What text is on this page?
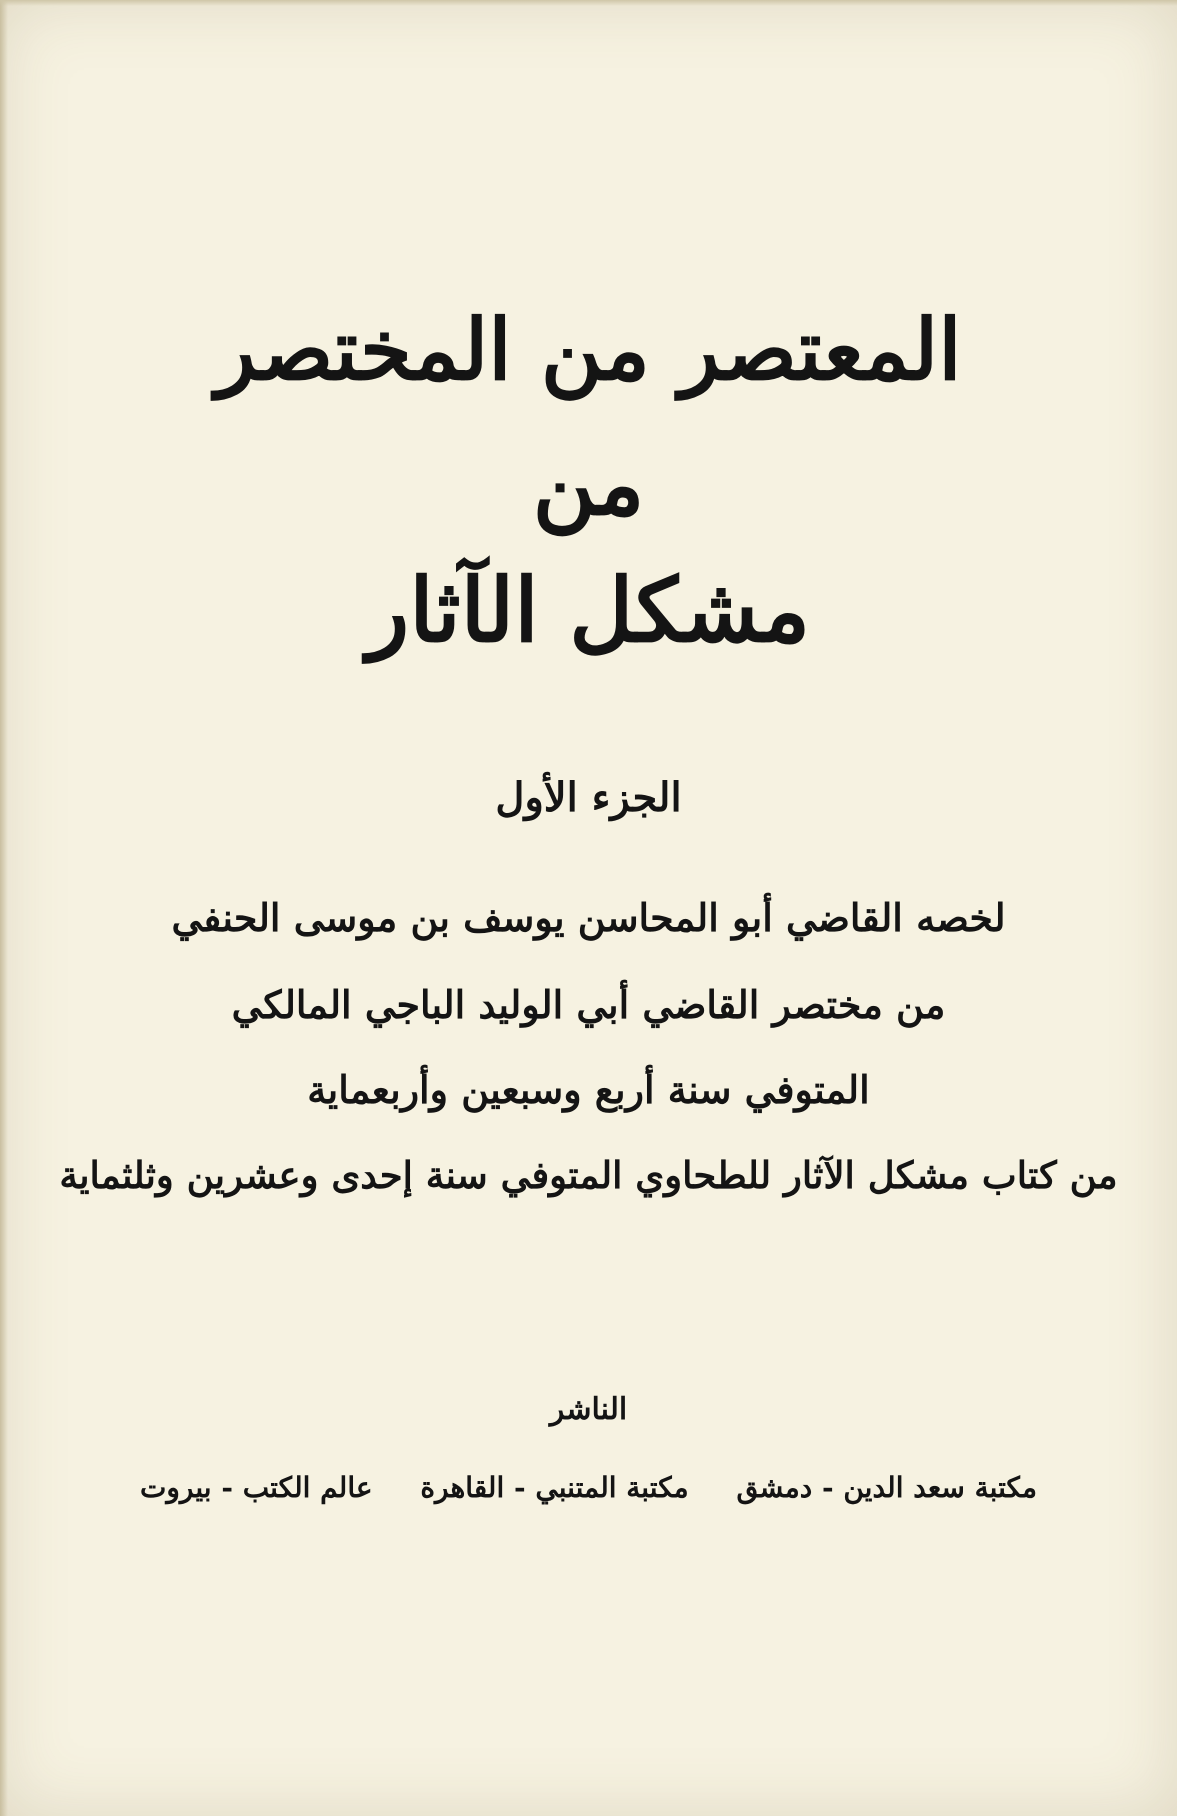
المعتصر من المختصر
من
مشكل الآثار
الجزء الأول
لخصه القاضي أبو المحاسن يوسف بن موسى الحنفي
من مختصر القاضي أبي الوليد الباجي المالكي
المتوفي سنة أربع وسبعين وأربعماية
من كتاب مشكل الآثار للطحاوي المتوفي سنة إحدى وعشرين وثلثماية
الناشر
عالم الكتب - بيروت مكتبة المتنبي - القاهرة مكتبة سعد الدين - دمشق
